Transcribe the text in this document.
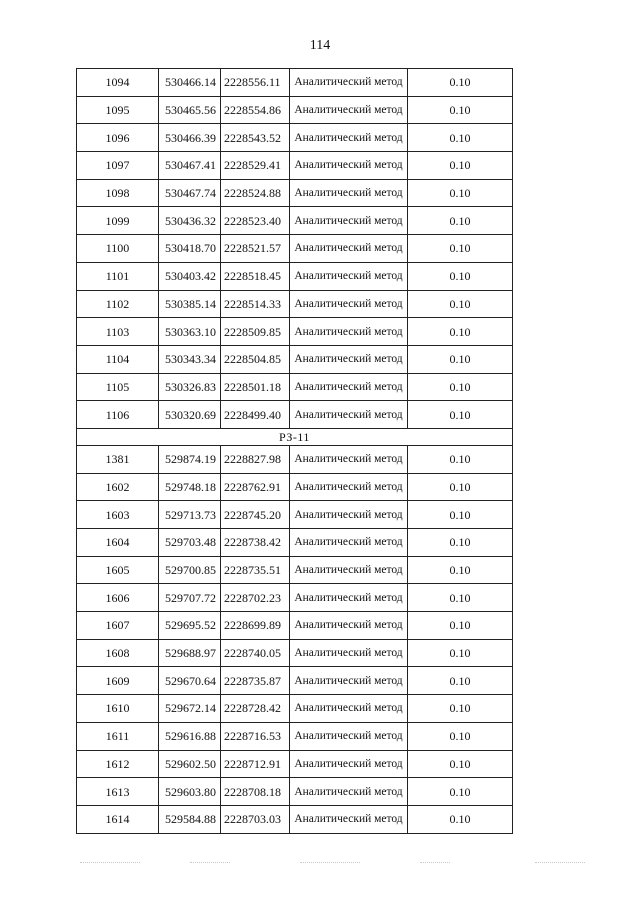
114
1094	530466.14	2228556.11	Аналитический метод	0.10
1095	530465.56	2228554.86	Аналитический метод	0.10
1096	530466.39	2228543.52	Аналитический метод	0.10
1097	530467.41	2228529.41	Аналитический метод	0.10
1098	530467.74	2228524.88	Аналитический метод	0.10
1099	530436.32	2228523.40	Аналитический метод	0.10
1100	530418.70	2228521.57	Аналитический метод	0.10
1101	530403.42	2228518.45	Аналитический метод	0.10
1102	530385.14	2228514.33	Аналитический метод	0.10
1103	530363.10	2228509.85	Аналитический метод	0.10
1104	530343.34	2228504.85	Аналитический метод	0.10
1105	530326.83	2228501.18	Аналитический метод	0.10
1106	530320.69	2228499.40	Аналитический метод	0.10
РЗ-11				
1381	529874.19	2228827.98	Аналитический метод	0.10
1602	529748.18	2228762.91	Аналитический метод	0.10
1603	529713.73	2228745.20	Аналитический метод	0.10
1604	529703.48	2228738.42	Аналитический метод	0.10
1605	529700.85	2228735.51	Аналитический метод	0.10
1606	529707.72	2228702.23	Аналитический метод	0.10
1607	529695.52	2228699.89	Аналитический метод	0.10
1608	529688.97	2228740.05	Аналитический метод	0.10
1609	529670.64	2228735.87	Аналитический метод	0.10
1610	529672.14	2228728.42	Аналитический метод	0.10
1611	529616.88	2228716.53	Аналитический метод	0.10
1612	529602.50	2228712.91	Аналитический метод	0.10
1613	529603.80	2228708.18	Аналитический метод	0.10
1614	529584.88	2228703.03	Аналитический метод	0.10
